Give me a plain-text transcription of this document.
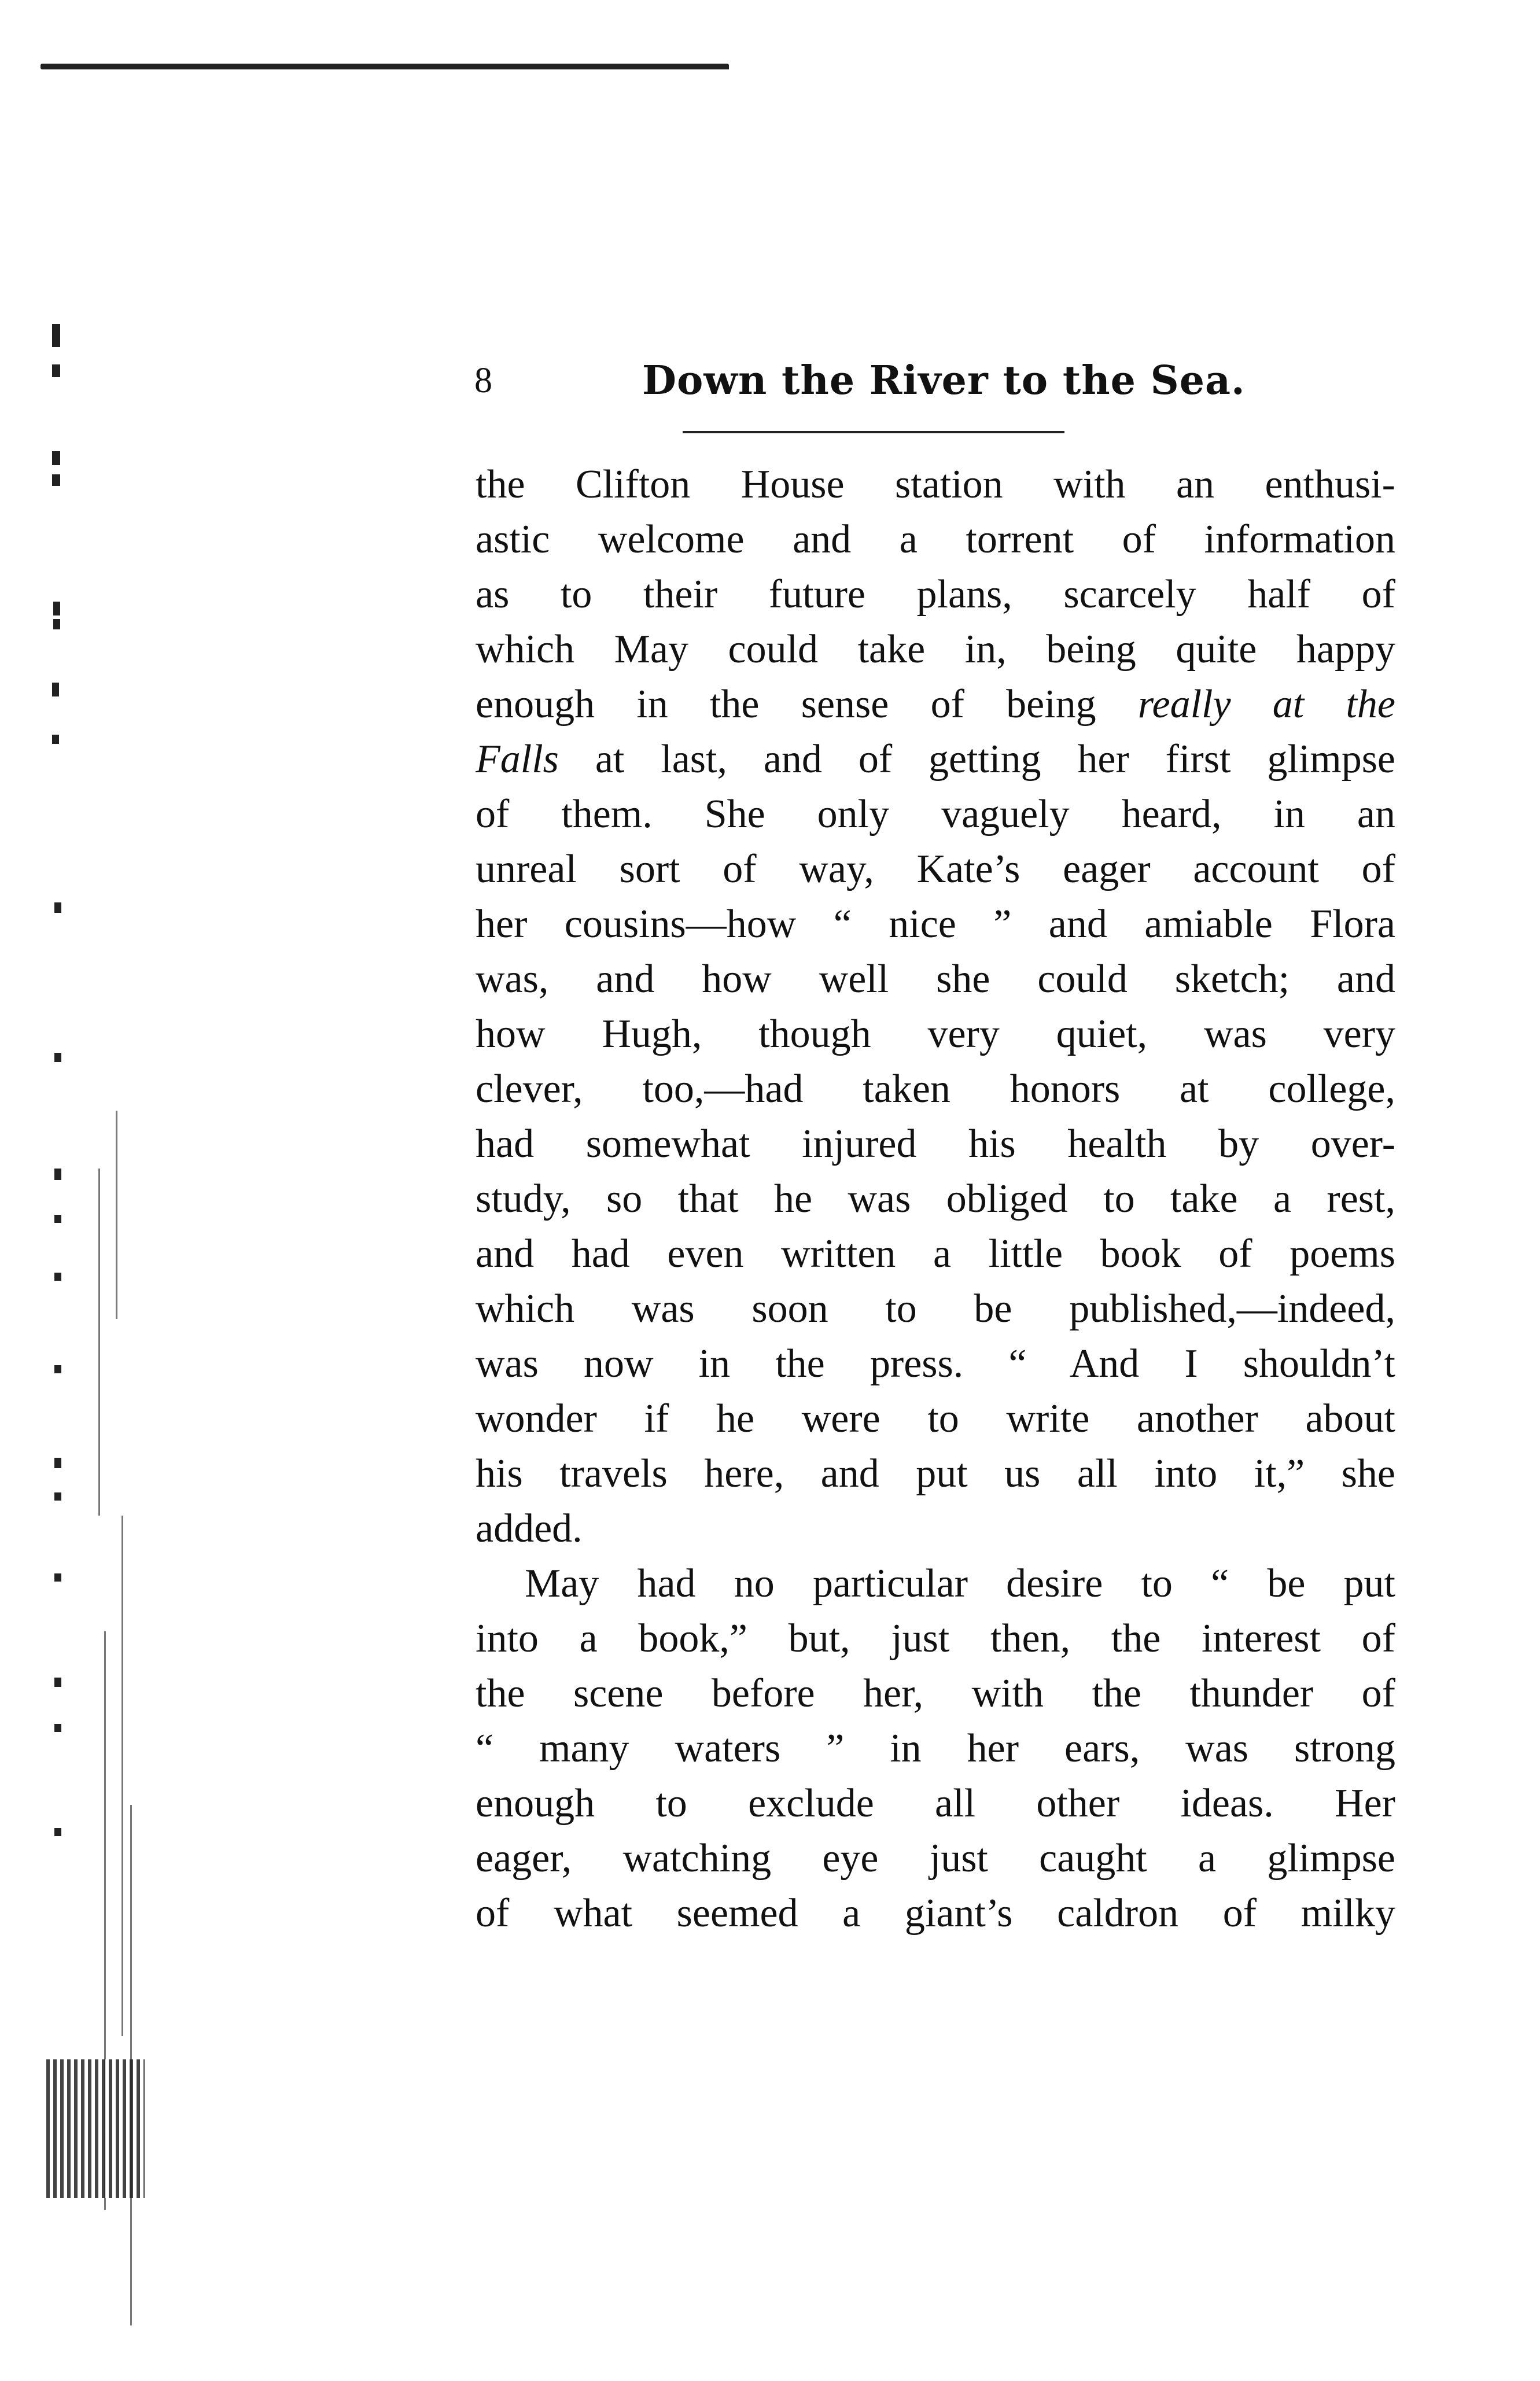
8	Down the River to the Sea.
the Clifton House station with an enthusi-
astic welcome and a torrent of information
as to their future plans, scarcely half of
which May could take in, being quite happy
enough in the sense of being really at the
Falls at last, and of getting her first glimpse
of them. She only vaguely heard, in an
unreal sort of way, Kate’s eager account of
her cousins—how “ nice ” and amiable Flora
was, and how well she could sketch; and
how Hugh, though very quiet, was very
clever, too,—had taken honors at college,
had somewhat injured his health by over-
study, so that he was obliged to take a rest,
and had even written a little book of poems
which was soon to be published,—indeed,
was now in the press. “ And I shouldn’t
wonder if he were to write another about
his travels here, and put us all into it,” she
added.
May had no particular desire to “ be put
into a book,” but, just then, the interest of
the scene before her, with the thunder of
“ many waters ” in her ears, was strong
enough to exclude all other ideas. Her
eager, watching eye just caught a glimpse
of what seemed a giant’s caldron of milky
